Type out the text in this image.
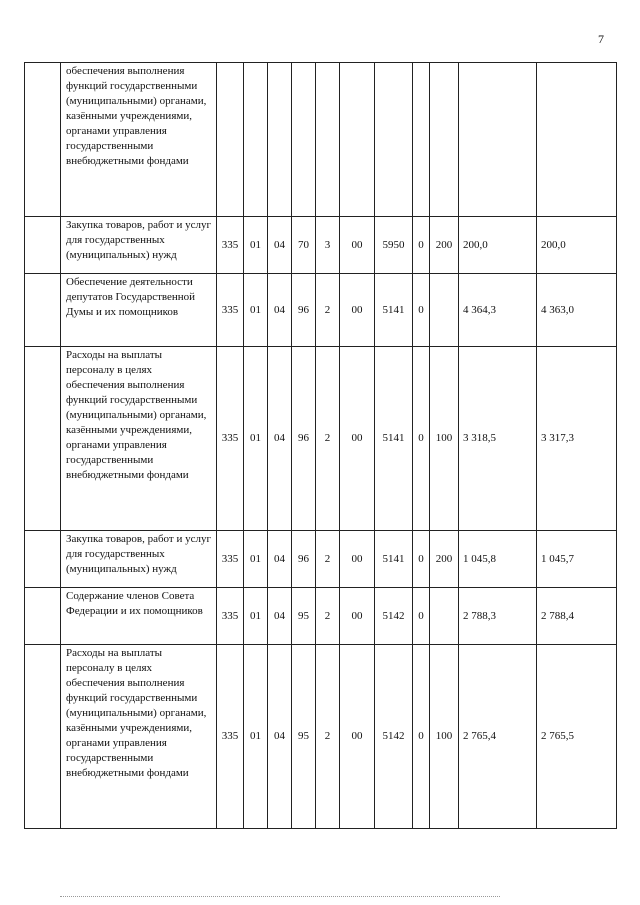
7
	обеспечения выполнения функций государственными (муниципальными) органами, казёнными учреждениями, органами управления государственными внебюджетными фондами											
	Закупка товаров, работ и услуг для государственных (муниципальных) нужд	335	01	04	70	3	00	5950	0	200	200,0	200,0
	Обеспечение деятельности депутатов Государственной Думы и их помощников	335	01	04	96	2	00	5141	0		4 364,3	4 363,0
	Расходы на выплаты персоналу в целях обеспечения выполнения функций государственными (муниципальными) органами, казёнными учреждениями, органами управления государственными внебюджетными фондами	335	01	04	96	2	00	5141	0	100	3 318,5	3 317,3
	Закупка товаров, работ и услуг для государственных (муниципальных) нужд	335	01	04	96	2	00	5141	0	200	1 045,8	1 045,7
	Содержание членов Совета Федерации и их помощников	335	01	04	95	2	00	5142	0		2 788,3	2 788,4
	Расходы на выплаты персоналу в целях обеспечения выполнения функций государственными (муниципальными) органами, казёнными учреждениями, органами управления государственными внебюджетными фондами	335	01	04	95	2	00	5142	0	100	2 765,4	2 765,5
